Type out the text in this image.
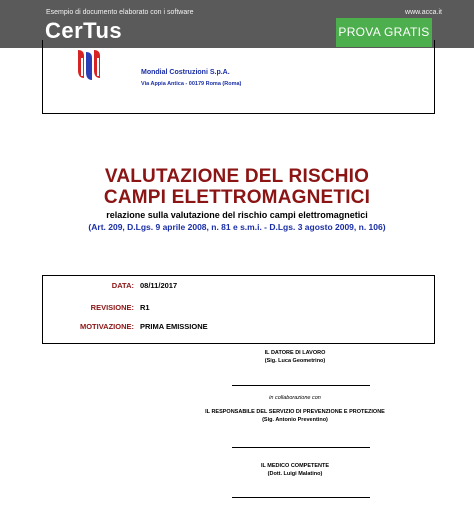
Esempio di documento elaborato con i software	www.acca.it
CerTus	PROVA GRATIS
Mondial Costruzioni S.p.A.
Via Appia Antica - 00179 Roma (Roma)
VALUTAZIONE DEL RISCHIO
CAMPI ELETTROMAGNETICI
relazione sulla valutazione del rischio campi elettromagnetici
(Art. 209, D.Lgs. 9 aprile 2008, n. 81 e s.m.i. - D.Lgs. 3 agosto 2009, n. 106)
DATA: 08/11/2017
REVISIONE: R1
MOTIVAZIONE: PRIMA EMISSIONE
IL DATORE DI LAVORO
(Sig. Luca Geometrino)
in collaborazione con
IL RESPONSABILE DEL SERVIZIO DI PREVENZIONE E PROTEZIONE
(Sig. Antonio Preventino)
IL MEDICO COMPETENTE
(Dott. Luigi Malatino)
